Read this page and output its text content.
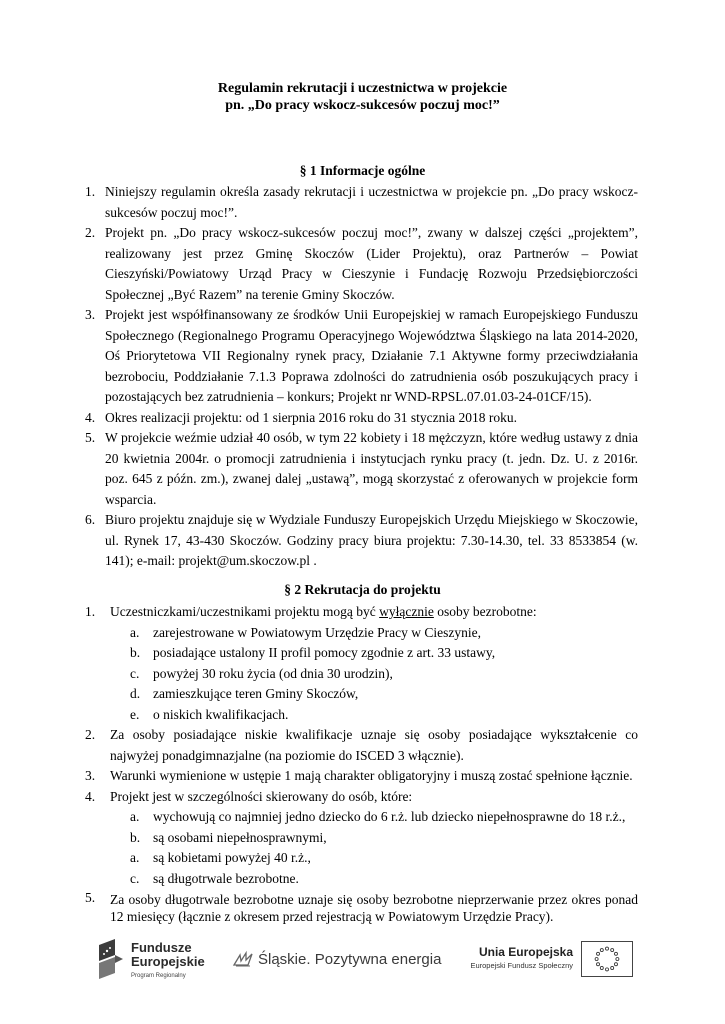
Regulamin rekrutacji i uczestnictwa w projekcie
pn. „Do pracy wskocz-sukcesów poczuj moc!”
§ 1 Informacje ogólne
1. Niniejszy regulamin określa zasady rekrutacji i uczestnictwa w projekcie pn. „Do pracy wskocz-sukcesów poczuj moc!”.
2. Projekt pn. „Do pracy wskocz-sukcesów poczuj moc!”, zwany w dalszej części „projektem”, realizowany jest przez Gminę Skoczów (Lider Projektu), oraz Partnerów – Powiat Cieszyński/Powiatowy Urząd Pracy w Cieszynie i Fundację Rozwoju Przedsiębiorczości Społecznej „Być Razem” na terenie Gminy Skoczów.
3. Projekt jest współfinansowany ze środków Unii Europejskiej w ramach Europejskiego Funduszu Społecznego (Regionalnego Programu Operacyjnego Województwa Śląskiego na lata 2014-2020, Oś Priorytetowa VII Regionalny rynek pracy, Działanie 7.1 Aktywne formy przeciwdziałania bezrobociu, Poddziałanie 7.1.3 Poprawa zdolności do zatrudnienia osób poszukujących pracy i pozostających bez zatrudnienia – konkurs; Projekt nr WND-RPSL.07.01.03-24-01CF/15).
4. Okres realizacji projektu: od 1 sierpnia 2016 roku do 31 stycznia 2018 roku.
5. W projekcie weźmie udział 40 osób, w tym 22 kobiety i 18 mężczyzn, które według ustawy z dnia 20 kwietnia 2004r. o promocji zatrudnienia i instytucjach rynku pracy (t. jedn. Dz. U. z 2016r. poz. 645 z późn. zm.), zwanej dalej „ustawą”, mogą skorzystać z oferowanych w projekcie form wsparcia.
6. Biuro projektu znajduje się w Wydziale Funduszy Europejskich Urzędu Miejskiego w Skoczowie, ul. Rynek 17, 43-430 Skoczów. Godziny pracy biura projektu: 7.30-14.30, tel. 33 8533854 (w. 141); e-mail: projekt@um.skoczow.pl .
§ 2 Rekrutacja do projektu
1. Uczestniczkami/uczestnikami projektu mogą być wyłącznie osoby bezrobotne:
a. zarejestrowane w Powiatowym Urzędzie Pracy w Cieszynie,
b. posiadające ustalony II profil pomocy zgodnie z art. 33 ustawy,
c. powyżej 30 roku życia (od dnia 30 urodzin),
d. zamieszkujące teren Gminy Skoczów,
e. o niskich kwalifikacjach.
2. Za osoby posiadające niskie kwalifikacje uznaje się osoby posiadające wykształcenie co najwyżej ponadgimnazjalne (na poziomie do ISCED 3 włącznie).
3. Warunki wymienione w ustępie 1 mają charakter obligatoryjny i muszą zostać spełnione łącznie.
4. Projekt jest w szczególności skierowany do osób, które:
a. wychowują co najmniej jedno dziecko do 6 r.ż. lub dziecko niepełnosprawne do 18 r.ż.,
b. są osobami niepełnosprawnymi,
a. są kobietami powyżej 40 r.ż.,
c. są długotrwale bezrobotne.
5. Za osoby długotrwale bezrobotne uznaje się osoby bezrobotne nieprzerwanie przez okres ponad 12 miesięcy (łącznie z okresem przed rejestracją w Powiatowym Urzędzie Pracy).
Fundusze
Europejskie
Program Regionalny
Śląskie. Pozytywna energia	Unia Europejska
Europejski Fundusz Społeczny
